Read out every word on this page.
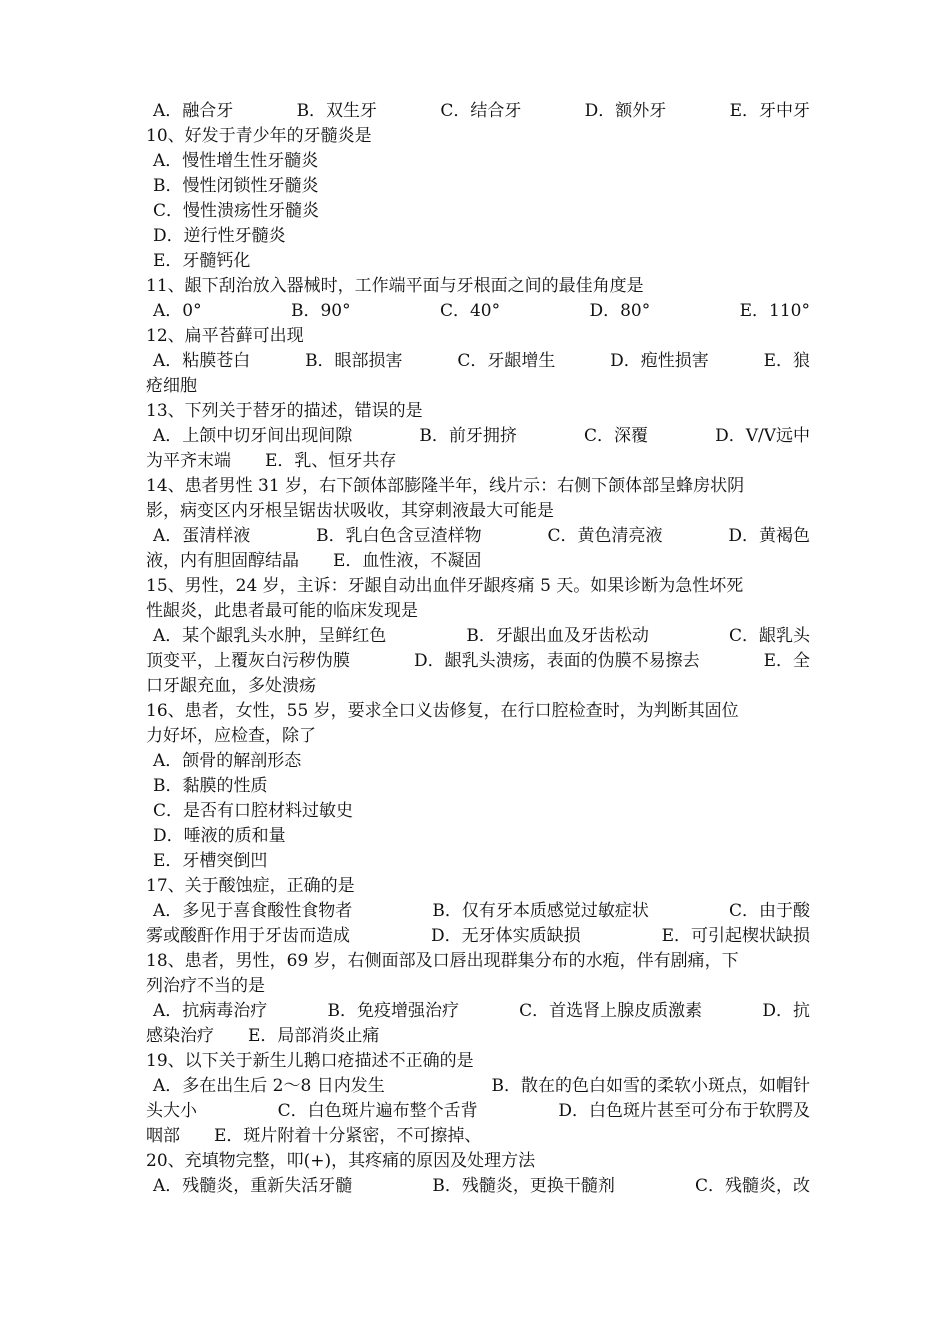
A．融合牙	B．双生牙	C．结合牙	D．额外牙	E．牙中牙
10、好发于青少年的牙髓炎是
A．慢性增生性牙髓炎
B．慢性闭锁性牙髓炎
C．慢性溃疡性牙髓炎
D．逆行性牙髓炎
E．牙髓钙化
11、龈下刮治放入器械时，工作端平面与牙根面之间的最佳角度是
A．0°	B．90°	C．40°	D．80°	E．110°
12、扁平苔藓可出现
A．粘膜苍白	B．眼部损害	C．牙龈增生	D．疱性损害	E．狼
疮细胞
13、下列关于替牙的描述，错误的是
A．上颌中切牙间出现间隙	B．前牙拥挤	C．深覆	D．Ⅴ/Ⅴ远中
为平齐末端　　E．乳、恒牙共存
14、患者男性 31 岁，右下颌体部膨隆半年，线片示：右侧下颌体部呈蜂房状阴
影，病变区内牙根呈锯齿状吸收，其穿刺液最大可能是
A．蛋清样液	B．乳白色含豆渣样物	C．黄色清亮液	D．黄褐色
液，内有胆固醇结晶　　E．血性液，不凝固
15、男性，24 岁，主诉：牙龈自动出血伴牙龈疼痛 5 天。如果诊断为急性坏死
性龈炎，此患者最可能的临床发现是
A．某个龈乳头水肿，呈鲜红色	B．牙龈出血及牙齿松动	C．龈乳头
顶变平，上覆灰白污秽伪膜	D．龈乳头溃疡，表面的伪膜不易擦去	E．全
口牙龈充血，多处溃疡
16、患者，女性，55 岁，要求全口义齿修复，在行口腔检查时，为判断其固位
力好坏，应检查，除了
A．颌骨的解剖形态
B．黏膜的性质
C．是否有口腔材料过敏史
D．唾液的质和量
E．牙槽突倒凹
17、关于酸蚀症，正确的是
A．多见于喜食酸性食物者	B．仅有牙本质感觉过敏症状	C．由于酸
雾或酸酐作用于牙齿而造成	D．无牙体实质缺损	E．可引起楔状缺损
18、患者，男性，69 岁，右侧面部及口唇出现群集分布的水疱，伴有剧痛，下
列治疗不当的是
A．抗病毒治疗	B．免疫增强治疗	C．首选肾上腺皮质激素	D．抗
感染治疗　　E．局部消炎止痛
19、以下关于新生儿鹅口疮描述不正确的是
A．多在出生后 2～8 日内发生	B．散在的色白如雪的柔软小斑点，如帽针
头大小	C．白色斑片遍布整个舌背	D．白色斑片甚至可分布于软腭及
咽部　　E．斑片附着十分紧密，不可擦掉、
20、充填物完整，叩(+)，其疼痛的原因及处理方法
A．残髓炎，重新失活牙髓	B．残髓炎，更换干髓剂	C．残髓炎，改
